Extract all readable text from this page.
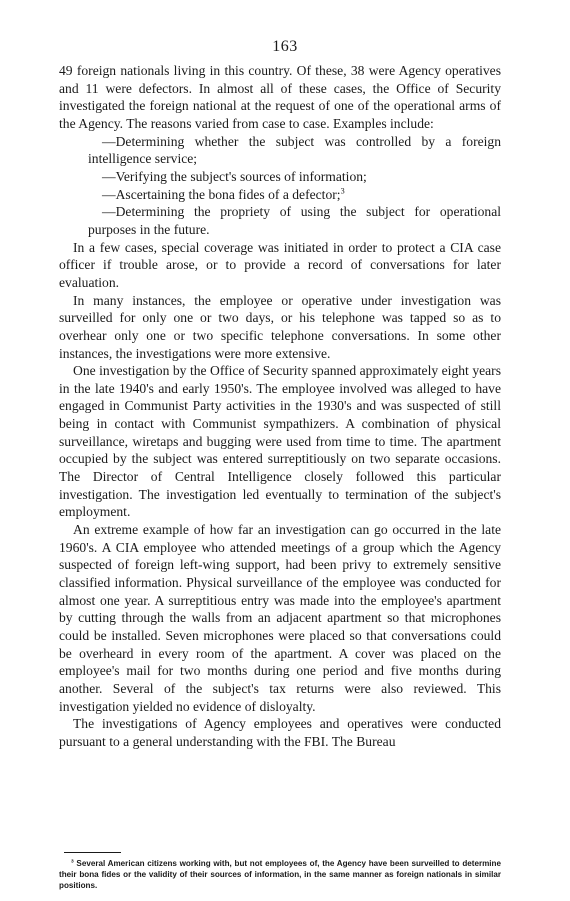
163

49 foreign nationals living in this country. Of these, 38 were Agency operatives and 11 were defectors. In almost all of these cases, the Office of Security investigated the foreign national at the request of one of the operational arms of the Agency. The reasons varied from case to case. Examples include:

—Determining whether the subject was controlled by a foreign intelligence service;

—Verifying the subject's sources of information;

—Ascertaining the bona fides of a defector;$^3$

—Determining the propriety of using the subject for operational purposes in the future.

In a few cases, special coverage was initiated in order to protect a CIA case officer if trouble arose, or to provide a record of conversations for later evaluation.

In many instances, the employee or operative under investigation was surveilled for only one or two days, or his telephone was tapped so as to overhear only one or two specific telephone conversations. In some other instances, the investigations were more extensive.

One investigation by the Office of Security spanned approximately eight years in the late 1940's and early 1950's. The employee involved was alleged to have engaged in Communist Party activities in the 1930's and was suspected of still being in contact with Communist sympathizers. A combination of physical surveillance, wiretaps and bugging were used from time to time. The apartment occupied by the subject was entered surreptitiously on two separate occasions. The Director of Central Intelligence closely followed this particular investigation. The investigation led eventually to termination of the subject's employment.

An extreme example of how far an investigation can go occurred in the late 1960's. A CIA employee who attended meetings of a group which the Agency suspected of foreign left-wing support, had been privy to extremely sensitive classified information. Physical surveillance of the employee was conducted for almost one year. A surreptitious entry was made into the employee's apartment by cutting through the walls from an adjacent apartment so that microphones could be installed. Seven microphones were placed so that conversations could be overheard in every room of the apartment. A cover was placed on the employee's mail for two months during one period and five months during another. Several of the subject's tax returns were also reviewed. This investigation yielded no evidence of disloyalty.

The investigations of Agency employees and operatives were conducted pursuant to a general understanding with the FBI. The Bureau

$^3$ Several American citizens working with, but not employees of, the Agency have been surveilled to determine their bona fides or the validity of their sources of information, in the same manner as foreign nationals in similar positions.
